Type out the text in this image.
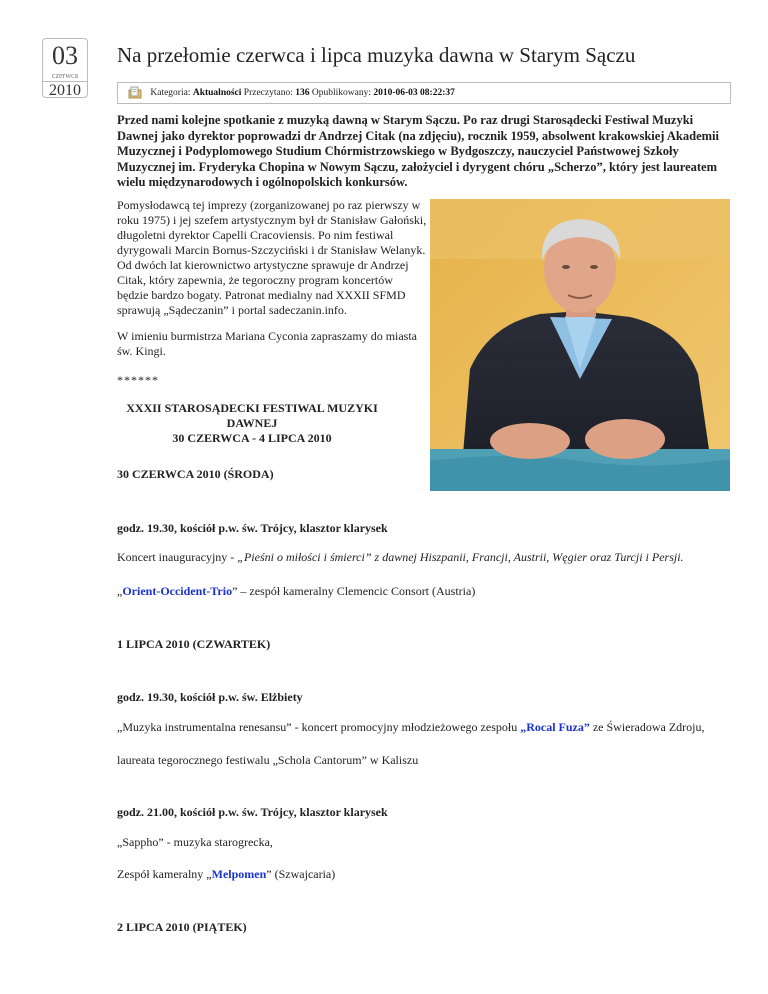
03
czerwca
2010
Na przełomie czerwca i lipca muzyka dawna w Starym Sączu
Kategoria: Aktualności Przeczytano: 136 Opublikowany: 2010-06-03 08:22:37

Przed nami kolejne spotkanie z muzyką dawną w Starym Sączu. Po raz drugi Starosądecki Festiwal Muzyki Dawnej jako dyrektor poprowadzi dr Andrzej Citak (na zdjęciu), rocznik 1959, absolwent krakowskiej Akademii Muzycznej i Podyplomowego Studium Chórmistrzowskiego w Bydgoszczy, nauczyciel Państwowej Szkoły Muzycznej im. Fryderyka Chopina w Nowym Sączu, założyciel i dyrygent chóru „Scherzo”, który jest laureatem wielu międzynarodowych i ogólnopolskich konkursów.

Pomysłodawcą tej imprezy (zorganizowanej po raz pierwszy w roku 1975) i jej szefem artystycznym był dr Stanisław Gałoński, długoletni dyrektor Capelli Cracoviensis. Po nim festiwal dyrygowali Marcin Bornus-Szczyciński i dr Stanisław Welanyk. Od dwóch lat kierownictwo artystyczne sprawuje dr Andrzej Citak, który zapewnia, że tegoroczny program koncertów będzie bardzo bogaty. Patronat medialny nad XXXII SFMD sprawują „Sądeczanin” i portal sadeczanin.info.

W imieniu burmistrza Mariana Cyconia zapraszamy do miasta św. Kingi.

******

XXXII STAROSĄDECKI FESTIWAL MUZYKI
DAWNEJ
30 CZERWCA - 4 LIPCA 2010

30 CZERWCA 2010 (ŚRODA)

godz. 19.30, kościół p.w. św. Trójcy, klasztor klarysek

Koncert inauguracyjny - „Pieśni o miłości i śmierci” z dawnej Hiszpanii, Francji, Austrii, Węgier oraz Turcji i Persji.

„Orient-Occident-Trio” – zespół kameralny Clemencic Consort (Austria)

1 LIPCA 2010 (CZWARTEK)

godz. 19.30, kościół p.w. św. Elżbiety

„Muzyka instrumentalna renesansu” - koncert promocyjny młodzieżowego zespołu „Rocal Fuza” ze Świeradowa Zdroju,

laureata tegorocznego festiwalu „Schola Cantorum” w Kaliszu

godz. 21.00, kościół p.w. św. Trójcy, klasztor klarysek

„Sappho” - muzyka starogrecka,

Zespół kameralny „Melpomen” (Szwajcaria)

2 LIPCA 2010 (PIĄTEK)
